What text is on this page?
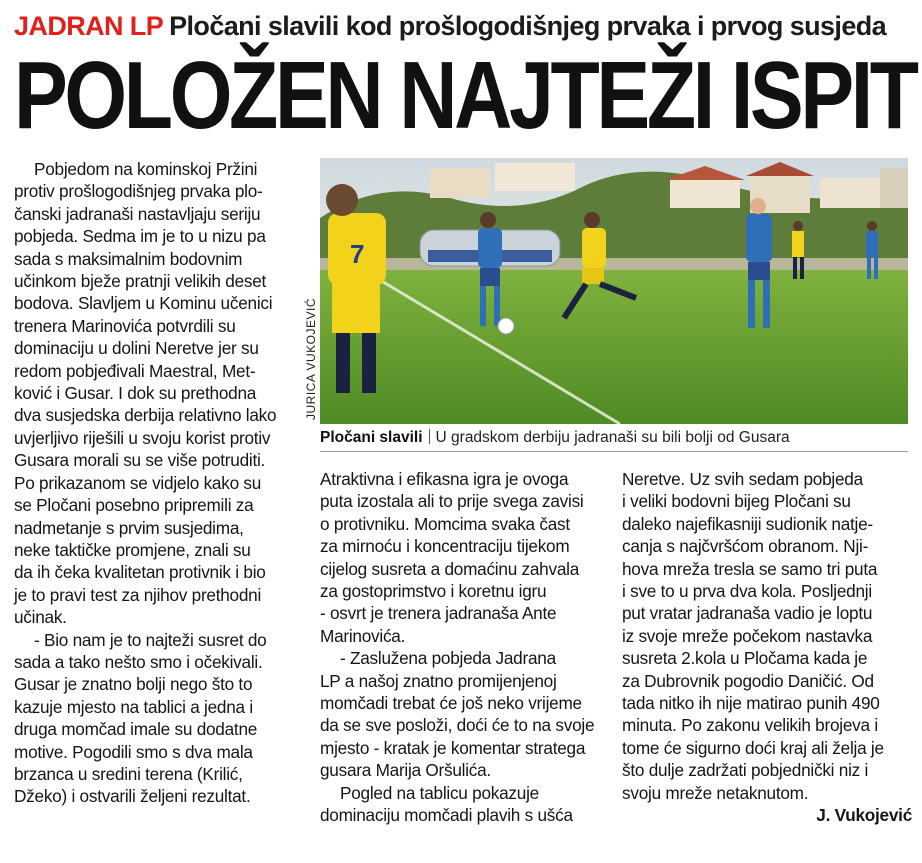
JADRAN LP Pločani slavili kod prošlogodišnjeg prvaka i prvog susjeda
POLOŽEN NAJTEŽI ISPIT

Pobjedom na kominskoj Pržini

protiv prošlogodišnjeg prvaka plo-

čanski jadranaši nastavljaju seriju

pobjeda. Sedma im je to u nizu pa

sada s maksimalnim bodovnim

učinkom bježe pratnji velikih deset

bodova. Slavljem u Kominu učenici

trenera Marinovića potvrdili su

dominaciju u dolini Neretve jer su

redom pobjeđivali Maestral, Met-

ković i Gusar. I dok su prethodna

dva susjedska derbija relativno lako

uvjerljivo riješili u svoju korist protiv

Gusara morali su se više potruditi.

Po prikazanom se vidjelo kako su

se Pločani posebno pripremili za

nadmetanje s prvim susjedima,

neke taktičke promjene, znali su

da ih čeka kvalitetan protivnik i bio

je to pravi test za njihov prethodni

učinak.

- Bio nam je to najteži susret do

sada a tako nešto smo i očekivali.

Gusar je znatno bolji nego što to

kazuje mjesto na tablici a jedna i

druga momčad imale su dodatne

motive. Pogodili smo s dva mala

brzanca u sredini terena (Krilić,

Džeko) i ostvarili željeni rezultat.

7
JURICA VUKOJEVIĆ
Pločani slavili U gradskom derbiju jadranaši su bili bolji od Gusara

Atraktivna i efikasna igra je ovoga

puta izostala ali to prije svega zavisi

o protivniku. Momcima svaka čast

za mirnoću i koncentraciju tijekom

cijelog susreta a domaćinu zahvala

za gostoprimstvo i koretnu igru

- osvrt je trenera jadranaša Ante

Marinovića.

- Zaslužena pobjeda Jadrana

LP a našoj znatno promijenjenoj

momčadi trebat će još neko vrijeme

da se sve posloži, doći će to na svoje

mjesto - kratak je komentar stratega

gusara Marija Oršulića.

Pogled na tablicu pokazuje

dominaciju momčadi plavih s ušća

Neretve. Uz svih sedam pobjeda

i veliki bodovni bijeg Pločani su

daleko najefikasniji sudionik natje-

canja s najčvršćom obranom. Nji-

hova mreža tresla se samo tri puta

i sve to u prva dva kola. Posljednji

put vratar jadranaša vadio je loptu

iz svoje mreže počekom nastavka

susreta 2.kola u Pločama kada je

za Dubrovnik pogodio Daničić. Od

tada nitko ih nije matirao punih 490

minuta. Po zakonu velikih brojeva i

tome će sigurno doći kraj ali želja je

što dulje zadržati pobjednički niz i

svoju mreže netaknutom.

J. Vukojević
